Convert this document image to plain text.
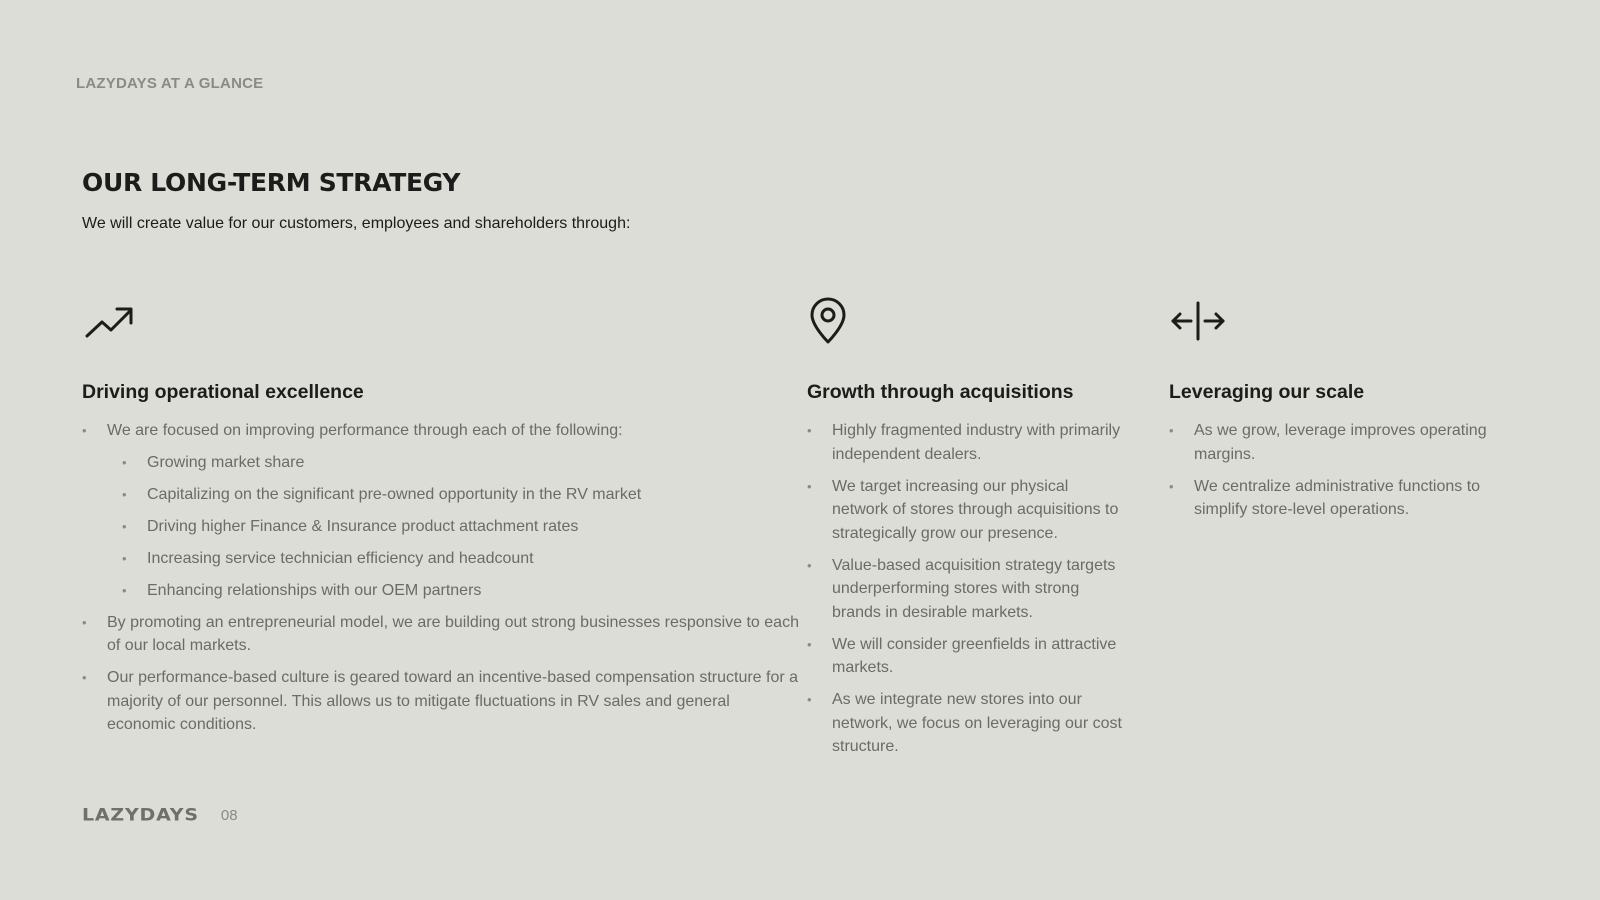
LAZYDAYS AT A GLANCE
OUR LONG-TERM STRATEGY

We will create value for our customers, employees and shareholders through:

Driving operational excellence
• We are focused on improving performance through each of the following:
• Growing market share
• Capitalizing on the significant pre-owned opportunity in the RV market
• Driving higher Finance & Insurance product attachment rates
• Increasing service technician efficiency and headcount
• Enhancing relationships with our OEM partners
• By promoting an entrepreneurial model, we are building out strong businesses responsive to each of our local markets.
• Our performance-based culture is geared toward an incentive-based compensation structure for a majority of our personnel. This allows us to mitigate fluctuations in RV sales and general economic conditions.
Growth through acquisitions
• Highly fragmented industry with primarily independent dealers.
• We target increasing our physical network of stores through acquisitions to strategically grow our presence.
• Value-based acquisition strategy targets underperforming stores with strong brands in desirable markets.
• We will consider greenfields in attractive markets.
• As we integrate new stores into our network, we focus on leveraging our cost structure.
Leveraging our scale
• As we grow, leverage improves operating margins.
• We centralize administrative functions to simplify store-level operations.
LAZYDAYS 08
